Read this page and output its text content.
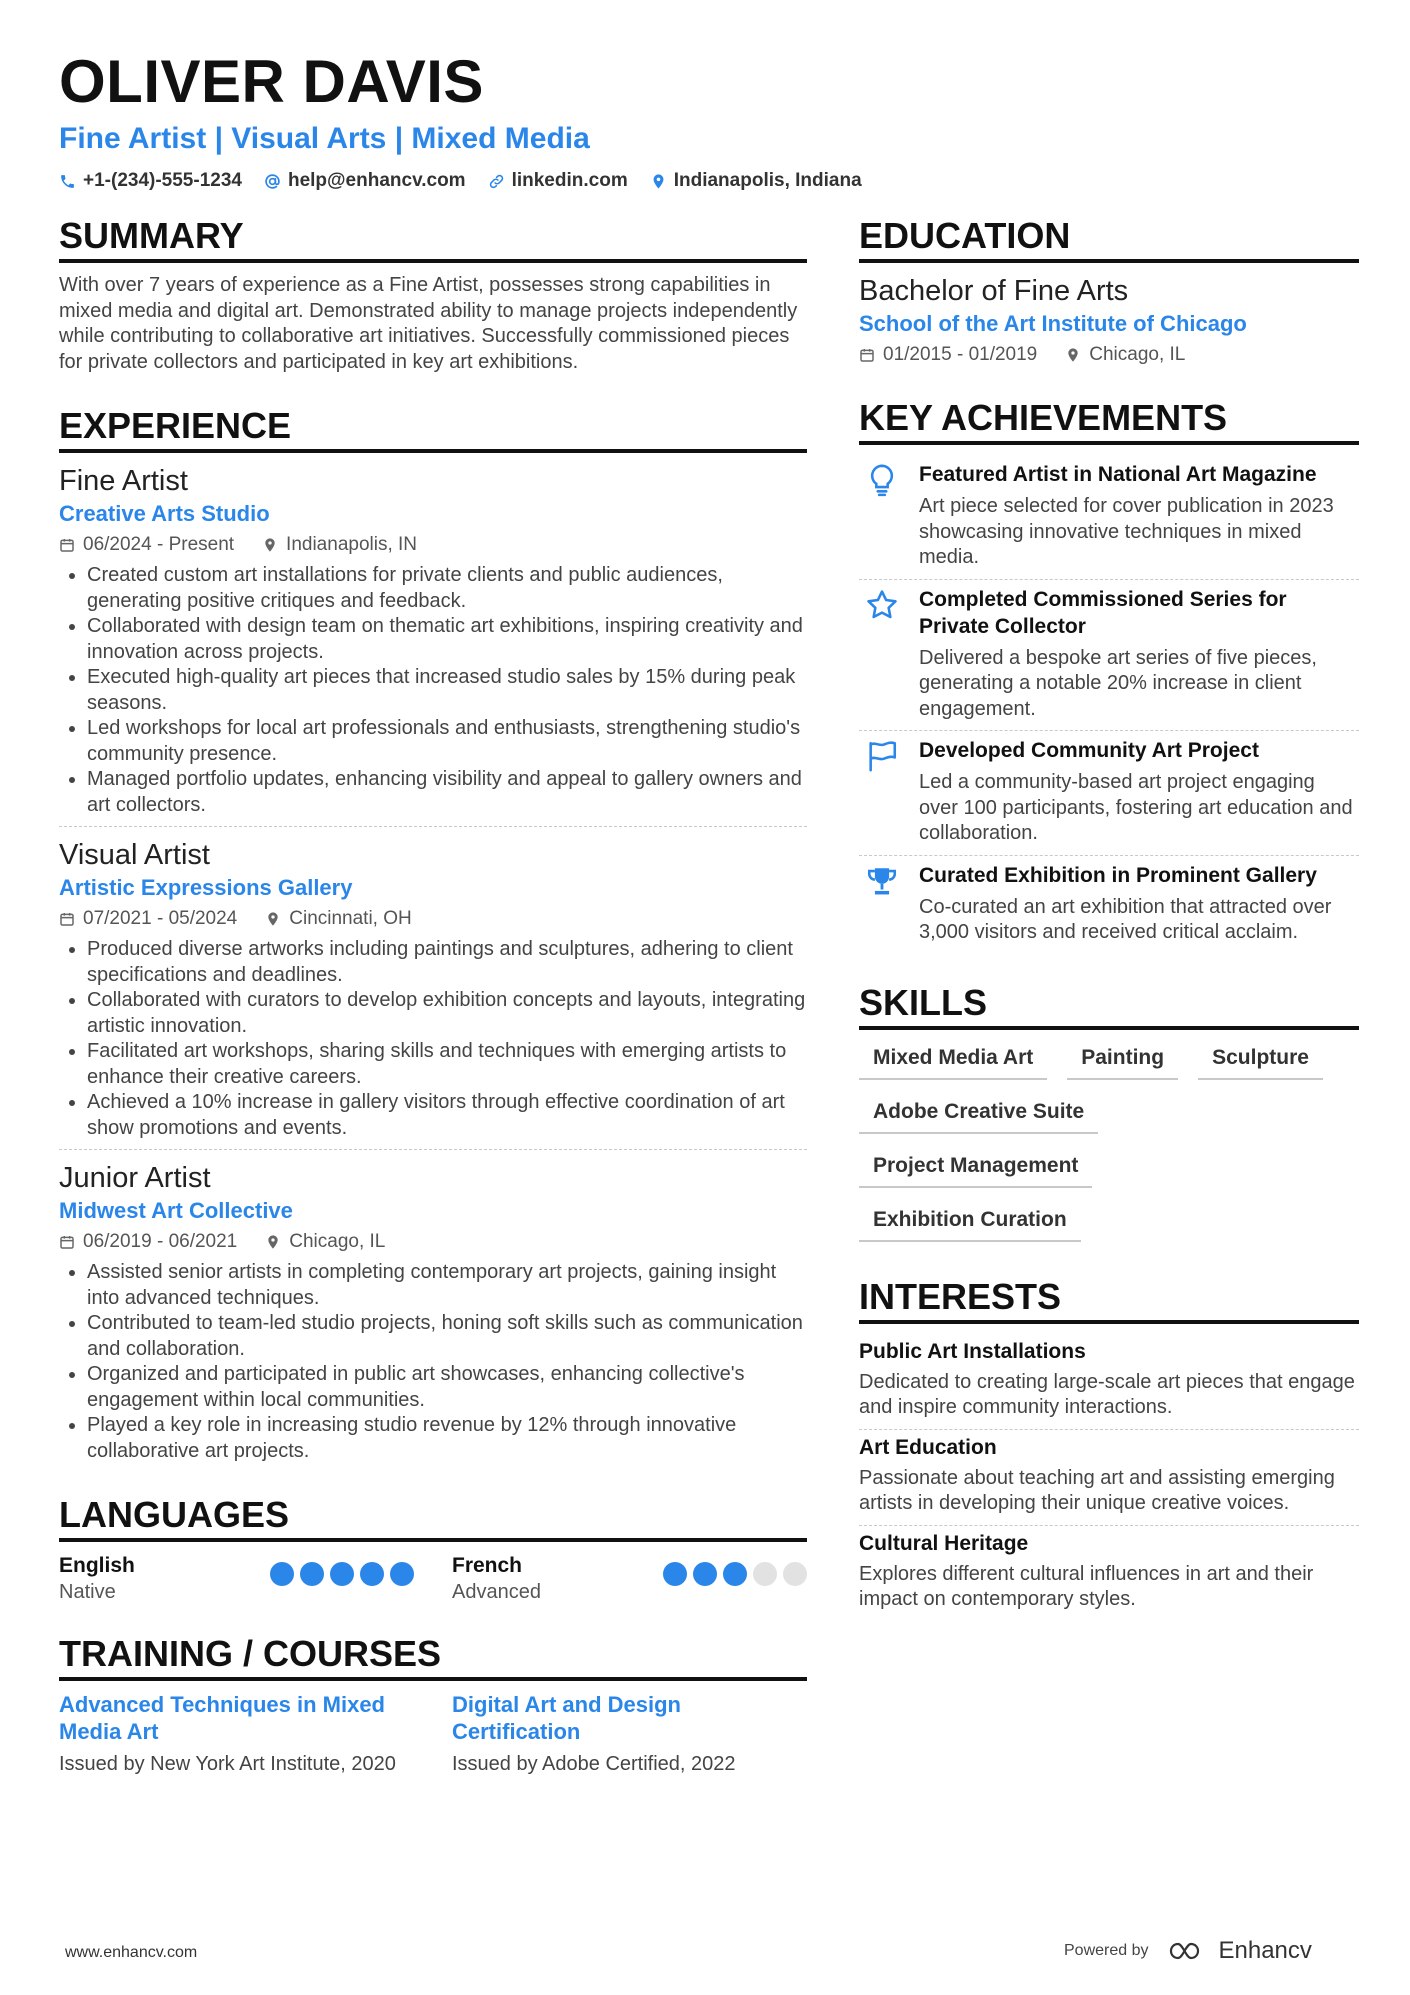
OLIVER DAVIS
Fine Artist | Visual Arts | Mixed Media
+1-(234)-555-1234 help@enhancv.com linkedin.com Indianapolis, Indiana
SUMMARY
With over 7 years of experience as a Fine Artist, possesses strong capabilities in mixed media and digital art. Demonstrated ability to manage projects independently while contributing to collaborative art initiatives. Successfully commissioned pieces for private collectors and participated in key art exhibitions.
EXPERIENCE
Fine Artist
Creative Arts Studio
06/2024 - Present	Indianapolis, IN
• Created custom art installations for private clients and public audiences, generating positive critiques and feedback.
• Collaborated with design team on thematic art exhibitions, inspiring creativity and innovation across projects.
• Executed high-quality art pieces that increased studio sales by 15% during peak seasons.
• Led workshops for local art professionals and enthusiasts, strengthening studio's community presence.
• Managed portfolio updates, enhancing visibility and appeal to gallery owners and art collectors.
Visual Artist
Artistic Expressions Gallery
07/2021 - 05/2024	Cincinnati, OH
• Produced diverse artworks including paintings and sculptures, adhering to client specifications and deadlines.
• Collaborated with curators to develop exhibition concepts and layouts, integrating artistic innovation.
• Facilitated art workshops, sharing skills and techniques with emerging artists to enhance their creative careers.
• Achieved a 10% increase in gallery visitors through effective coordination of art show promotions and events.
Junior Artist
Midwest Art Collective
06/2019 - 06/2021	Chicago, IL
• Assisted senior artists in completing contemporary art projects, gaining insight into advanced techniques.
• Contributed to team-led studio projects, honing soft skills such as communication and collaboration.
• Organized and participated in public art showcases, enhancing collective's engagement within local communities.
• Played a key role in increasing studio revenue by 12% through innovative collaborative art projects.
LANGUAGES
English
Native
French
Advanced
TRAINING / COURSES
Advanced Techniques in Mixed Media Art
Issued by New York Art Institute, 2020
Digital Art and Design Certification
Issued by Adobe Certified, 2022
EDUCATION
Bachelor of Fine Arts
School of the Art Institute of Chicago
01/2015 - 01/2019	Chicago, IL
KEY ACHIEVEMENTS
Featured Artist in National Art Magazine
Art piece selected for cover publication in 2023 showcasing innovative techniques in mixed media.
Completed Commissioned Series for Private Collector
Delivered a bespoke art series of five pieces, generating a notable 20% increase in client engagement.
Developed Community Art Project
Led a community-based art project engaging over 100 participants, fostering art education and collaboration.
Curated Exhibition in Prominent Gallery
Co-curated an art exhibition that attracted over 3,000 visitors and received critical acclaim.
SKILLS
Mixed Media Art	Painting	Sculpture
Adobe Creative Suite
Project Management
Exhibition Curation
INTERESTS
Public Art Installations
Dedicated to creating large-scale art pieces that engage and inspire community interactions.
Art Education
Passionate about teaching art and assisting emerging artists in developing their unique creative voices.
Cultural Heritage
Explores different cultural influences in art and their impact on contemporary styles.
www.enhancv.com	Powered by	Enhancv
